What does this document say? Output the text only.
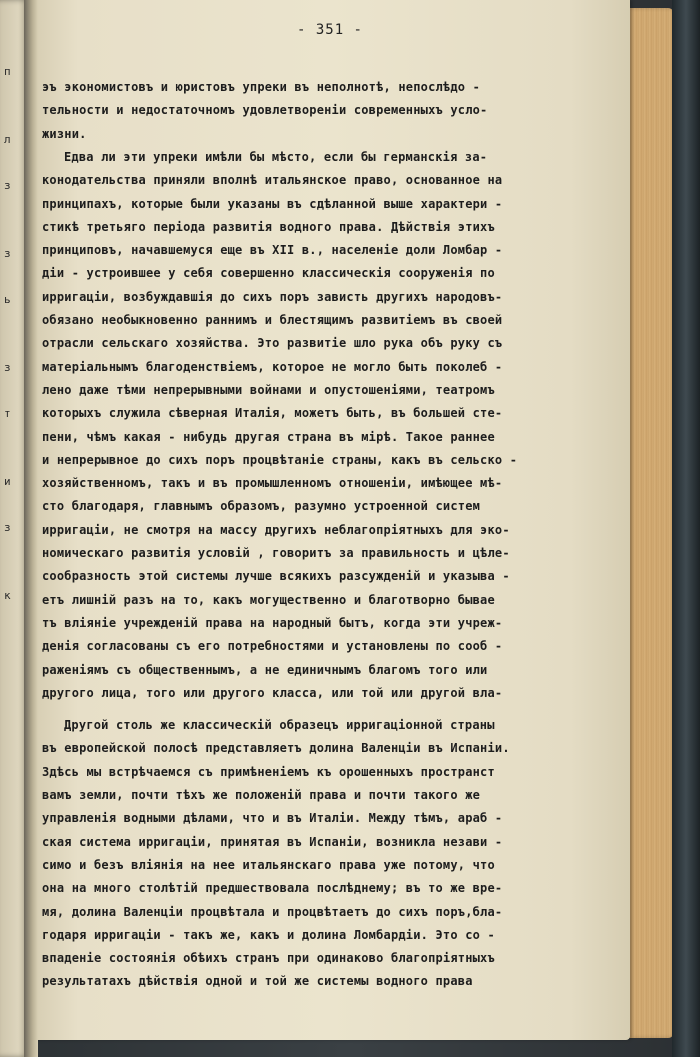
п
л
з
з
ь
з
т
и
з
к
- 351 -
эъ экономистовъ и юристовъ упреки въ неполнотѣ, непослѣдо -
тельности и недостаточномъ удовлетвореніи современныхъ усло-
жизни.
Едва ли эти упреки имѣли бы мѣсто, если бы германскія за-
конодательства приняли вполнѣ итальянское право, основанное на
принципахъ, которые были указаны въ сдѣланной выше характери -
стикѣ третьяго періода развитія водного права. Дѣйствія этихъ
принциповъ, начавшемуся еще въ XII в., населеніе доли Ломбар -
діи - устроившее у себя совершенно классическія сооруженія по
ирригаціи, возбуждавшія до сихъ поръ зависть другихъ народовъ-
обязано необыкновенно раннимъ и блестящимъ развитіемъ въ своей
отрасли сельскаго хозяйства. Это развитіе шло рука объ руку съ
матеріальнымъ благоденствіемъ, которое не могло быть поколеб -
лено даже тѣми непрерывными войнами и опустошеніями, театромъ
которыхъ служила сѣверная Италія, можетъ быть, въ большей сте-
пени, чѣмъ какая - нибудь другая страна въ мірѣ. Такое раннее
и непрерывное до сихъ поръ процвѣтаніе страны, какъ въ сельско -
хозяйственномъ, такъ и въ промышленномъ отношеніи, имѣющее мѣ-
сто благодаря, главнымъ образомъ, разумно устроенной систем
ирригаціи, не смотря на массу другихъ неблагопріятныхъ для эко-
номическаго развитія условій , говоритъ за правильность и цѣле-
сообразность этой системы лучше всякихъ разсужденій и указыва -
етъ лишній разъ на то, какъ могущественно и благотворно бывае
тъ вліяніе учрежденій права на народный бытъ, когда эти учреж-
денія согласованы съ его потребностями и установлены по сооб -
раженіямъ съ общественнымъ, а не единичнымъ благомъ того или
другого лица, того или другого класса, или той или другой вла-
Другой столь же классическій образецъ ирригаціонной страны
въ европейской полосѣ представляетъ долина Валенціи въ Испаніи.
Здѣсь мы встрѣчаемся съ примѣненіемъ къ орошенныхъ пространст
вамъ земли, почти тѣхъ же положеній права и почти такого же
управленія водными дѣлами, что и въ Италіи. Между тѣмъ, араб -
ская система ирригаціи, принятая въ Испаніи, возникла незави -
симо и безъ вліянія на нее итальянскаго права уже потому, что
она на много столѣтій предшествовала послѣднему; въ то же вре-
мя, долина Валенціи процвѣтала и процвѣтаетъ до сихъ поръ,бла-
годаря ирригаціи - такъ же, какъ и долина Ломбардіи. Это со -
впаденіе состоянія обѣихъ странъ при одинаково благопріятныхъ
результатахъ дѣйствія одной и той же системы водного права
